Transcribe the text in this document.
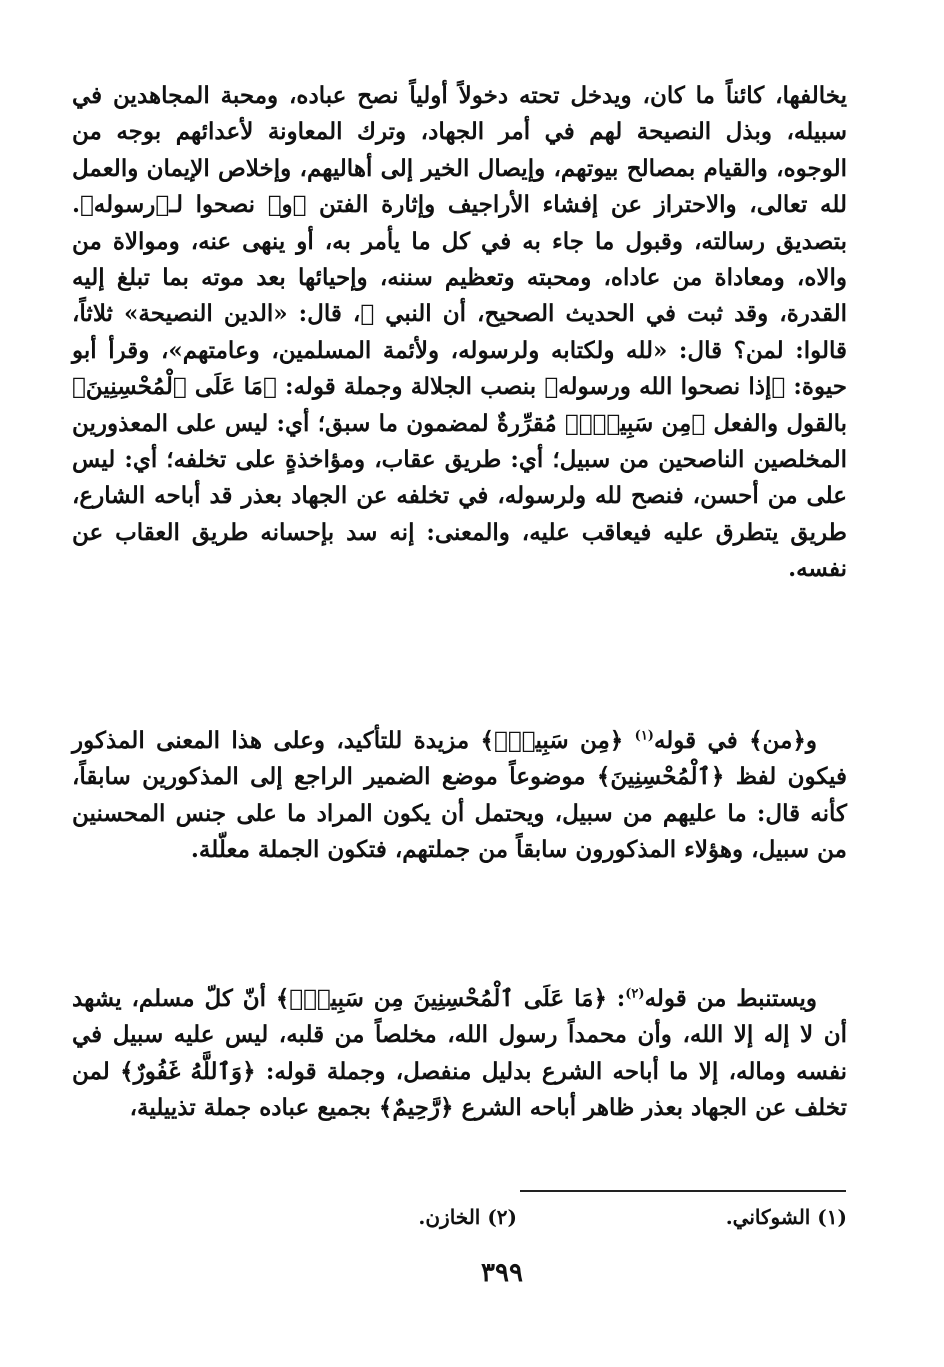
يخالفها، كائناً ما كان، ويدخل تحته دخولاً أولياً نصح عباده، ومحبة المجاهدين في سبيله، وبذل النصيحة لهم في أمر الجهاد، وترك المعاونة لأعدائهم بوجه من الوجوه، والقيام بمصالح بيوتهم، وإيصال الخير إلى أهاليهم، وإخلاص الإيمان والعمل لله تعالى، والاحتراز عن إفشاء الأراجيف وإثارة الفتن ﴿و﴾ نصحوا لـ﴿رسوله﴾. بتصديق رسالته، وقبول ما جاء به في كل ما يأمر به، أو ينهى عنه، وموالاة من والاه، ومعاداة من عاداه، ومحبته وتعظيم سننه، وإحيائها بعد موته بما تبلغ إليه القدرة، وقد ثبت في الحديث الصحيح، أن النبي ﷺ، قال: «الدين النصيحة» ثلاثاً، قالوا: لمن؟ قال: «لله ولكتابه ولرسوله، ولأئمة المسلمين، وعامتهم»، وقرأ أبو حيوة: ﴿إذا نصحوا الله ورسوله﴾ بنصب الجلالة وجملة قوله: ﴿مَا عَلَى ٱلْمُحْسِنِينَ﴾ بالقول والفعل ﴿مِن سَبِيلٍۚ﴾ مُقرِّرةٌ لمضمون ما سبق؛ أي: ليس على المعذورين المخلصين الناصحين من سبيل؛ أي: طريق عقاب، ومؤاخذةٍ على تخلفه؛ أي: ليس على من أحسن، فنصح لله ولرسوله، في تخلفه عن الجهاد بعذر قد أباحه الشارع، طريق يتطرق عليه فيعاقب عليه، والمعنى: إنه سد بإحسانه طريق العقاب عن نفسه.

و﴿من﴾ في قوله$^{(١)}$ ﴿مِن سَبِيلٍۚ﴾ مزيدة للتأكيد، وعلى هذا المعنى المذكور فيكون لفظ ﴿ٱلْمُحْسِنِينَ﴾ موضوعاً موضع الضمير الراجع إلى المذكورين سابقاً، كأنه قال: ما عليهم من سبيل، ويحتمل أن يكون المراد ما على جنس المحسنين من سبيل، وهؤلاء المذكورون سابقاً من جملتهم، فتكون الجملة معلّلة.

ويستنبط من قوله$^{(٢)}$: ﴿مَا عَلَى ٱلْمُحْسِنِينَ مِن سَبِيلٍۚ﴾ أنّ كلّ مسلم، يشهد أن لا إله إلا الله، وأن محمداً رسول الله، مخلصاً من قلبه، ليس عليه سبيل في نفسه وماله، إلا ما أباحه الشرع بدليل منفصل، وجملة قوله: ﴿وَٱللَّهُ غَفُورٌ﴾ لمن تخلف عن الجهاد بعذر ظاهر أباحه الشرع ﴿رَّحِيمٌ﴾ بجميع عباده جملة تذييلية،

(١) الشوكاني.
(٢) الخازن.
٣٩٩
